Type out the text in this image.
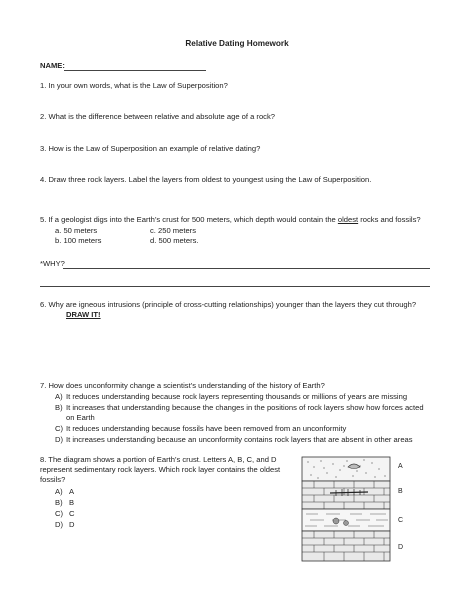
Relative Dating Homework
NAME:
1. In your own words, what is the Law of Superposition?
2. What is the difference between relative and absolute age of a rock?
3. How is the Law of Superposition an example of relative dating?
4. Draw three rock layers. Label the layers from oldest to youngest using the Law of Superposition.
5. If a geologist digs into the Earth’s crust for 500 meters, which depth would contain the oldest rocks and fossils?
a. 50 meters
b. 100 meters
c. 250 meters
d. 500 meters.
*WHY?
6. Why are igneous intrusions (principle of cross-cutting relationships) younger than the layers they cut through?
DRAW IT!
7. How does unconformity change a scientist’s understanding of the history of Earth?
A) It reduces understanding because rock layers representing thousands or millions of years are missing
B) It increases that understanding because the changes in the positions of rock layers show how forces acted
on Earth
C) It reduces understanding because fossils have been removed from an unconformity
D) It increases understanding because an unconformity contains rock layers that are absent in other areas
8. The diagram shows a portion of Earth’s crust. Letters A, B, C, and D
represent sedimentary rock layers. Which rock layer contains the oldest
fossils?
A) A
B) B
C) C
D) D
A
B
C
D
